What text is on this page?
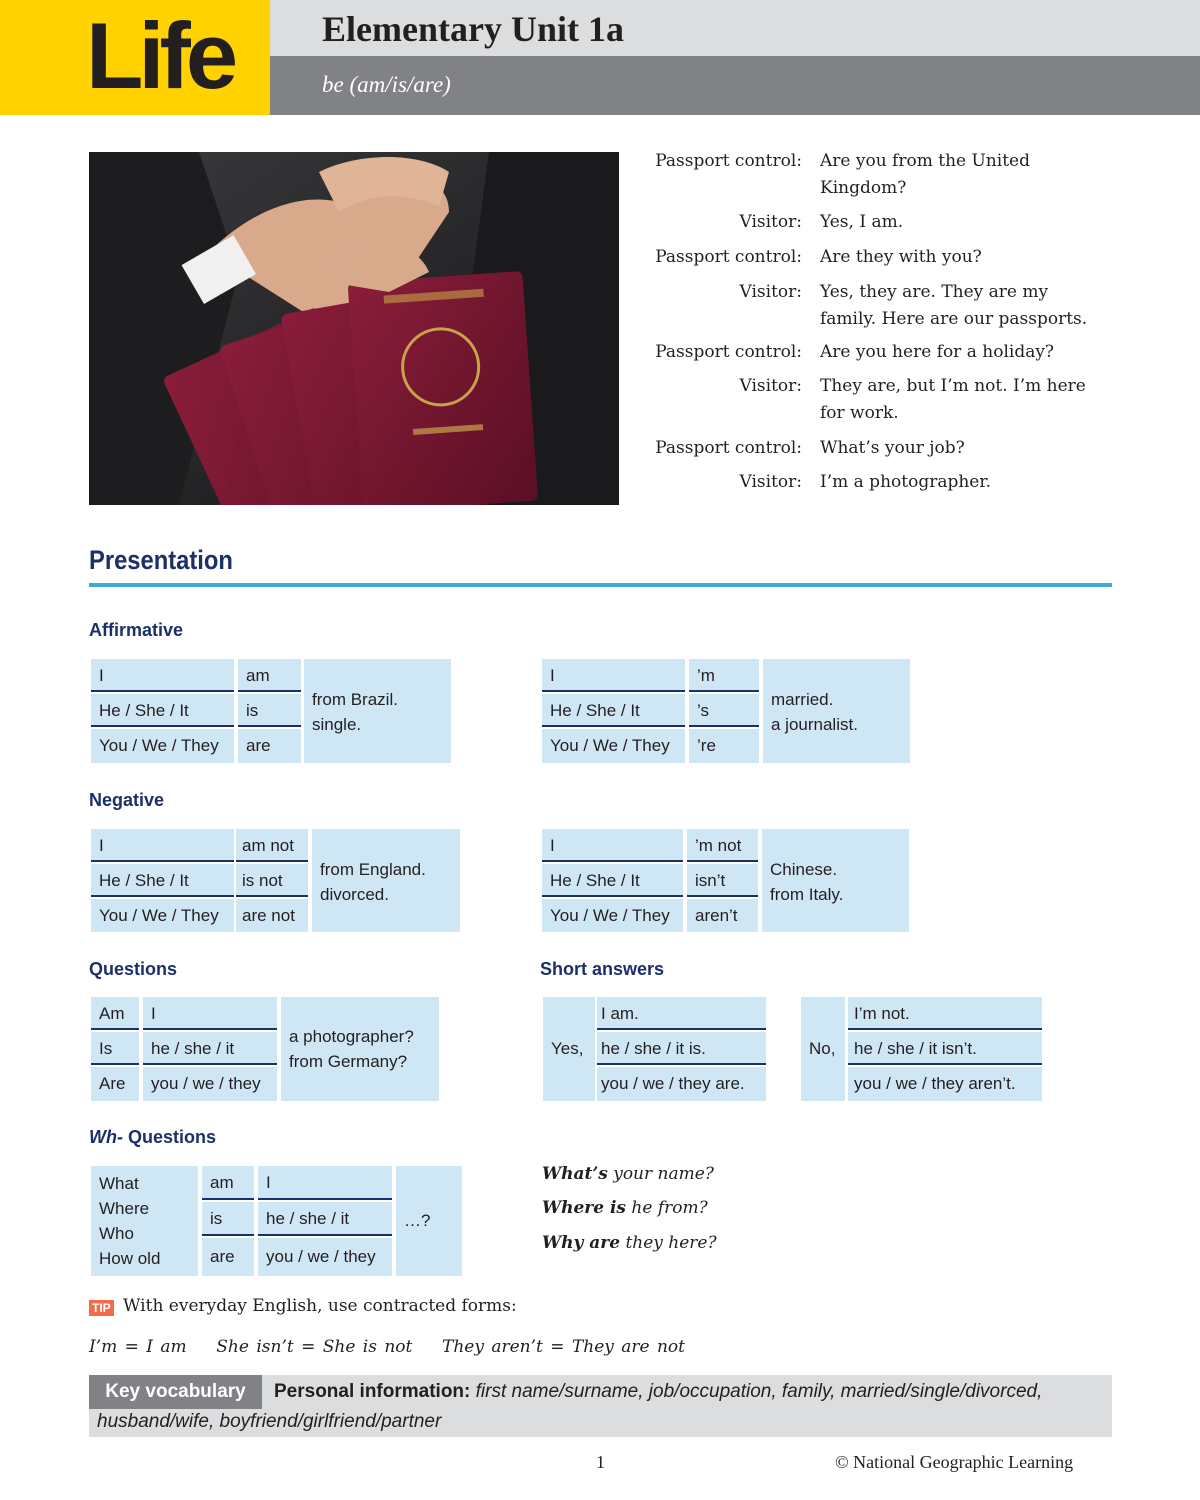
Life Elementary Unit 1a
be (am/is/are)
Passport control: Are you from the United
Kingdom?
Visitor: Yes, I am.
Passport control: Are they with you?
Visitor: Yes, they are. They are my
family. Here are our passports.
Passport control: Are you here for a holiday?
Visitor: They are, but I’m not. I’m here
for work.
Passport control: What’s your job?
Visitor: I’m a photographer.
Presentation
Affirmative
I
He / She / It
You / We / They
am
is
are
from Brazil.
single.
I
He / She / It
You / We / They
’m
’s
’re
married.
a journalist.
Negative
I
He / She / It
You / We / They
am not
is not
are not
from England.
divorced.
I
He / She / It
You / We / They
’m not
isn’t
aren’t
Chinese.
from Italy.
Questions
Am
Is
Are
I
he / she / it
you / we / they
a photographer?
from Germany?
Short answers
Yes,
I am.
he / she / it is.
you / we / they are.
No,
I’m not.
he / she / it isn’t.
you / we / they aren’t.
Wh- Questions
What
Where
Who
How old
am
is
are
I
he / she / it
you / we / they
…?
What’s your name?
Where is he from?
Why are they here?
TIP With everyday English, use contracted forms:
I’m = I am    She isn’t = She is not    They aren’t = They are not
Key vocabulary	Personal information: first name/surname, job/occupation, family, married/single/divorced,
husband/wife, boyfriend/girlfriend/partner
1	© National Geographic Learning
